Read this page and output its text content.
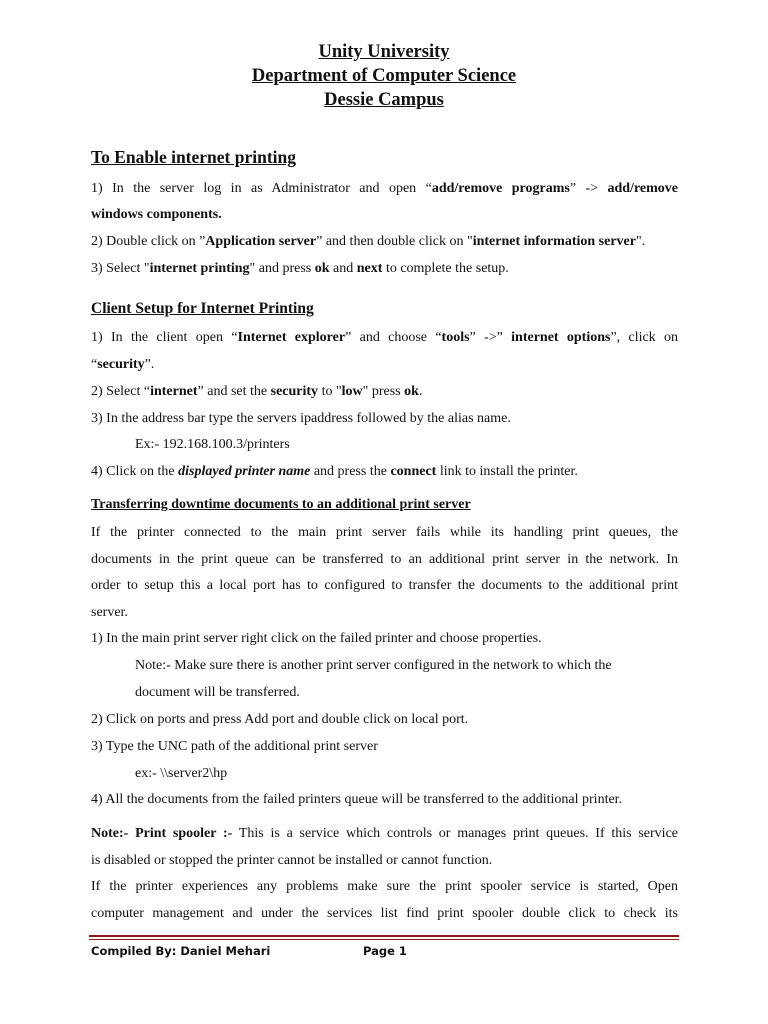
Unity University
Department of Computer Science
Dessie Campus
To Enable internet printing
1) In the server log in as Administrator and open “add/remove programs” -> add/remove
windows components.
2) Double click on ”Application server” and then double click on "internet information server".
3) Select "internet printing" and press ok and next to complete the setup.
Client Setup for Internet Printing
1) In the client open “Internet explorer” and choose “tools” ->” internet options”, click on
“security”.
2) Select “internet” and set the security to "low" press ok.
3) In the address bar type the servers ipaddress followed by the alias name.
Ex:- 192.168.100.3/printers
4) Click on the displayed printer name and press the connect link to install the printer.
Transferring downtime documents to an additional print server
If the printer connected to the main print server fails while its handling print queues, the
documents in the print queue can be transferred to an additional print server in the network. In
order to setup this a local port has to configured to transfer the documents to the additional print
server.
1) In the main print server right click on the failed printer and choose properties.
Note:- Make sure there is another print server configured in the network to which the
document will be transferred.
2) Click on ports and press Add port and double click on local port.
3) Type the UNC path of the additional print server
ex:- \\server2\hp
4) All the documents from the failed printers queue will be transferred to the additional printer.
Note:- Print spooler :- This is a service which controls or manages print queues. If this service
is disabled or stopped the printer cannot be installed or cannot function.
If the printer experiences any problems make sure the print spooler service is started, Open
computer management and under the services list find print spooler double click to check its
Compiled By: Daniel Mehari	Page 1
